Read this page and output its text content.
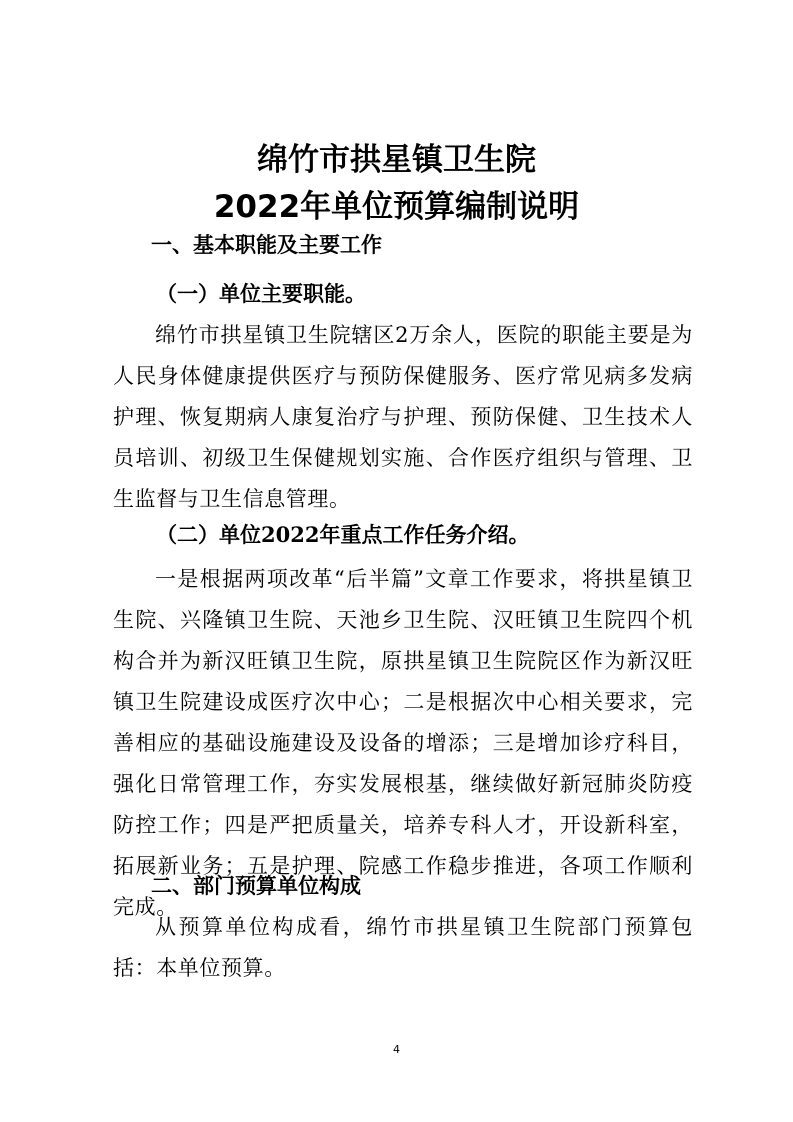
绵竹市拱星镇卫生院
2022年单位预算编制说明
一、基本职能及主要工作
（一）单位主要职能。

绵竹市拱星镇卫生院辖区2万余人，医院的职能主要是为人民身体健康提供医疗与预防保健服务、医疗常见病多发病护理、恢复期病人康复治疗与护理、预防保健、卫生技术人员培训、初级卫生保健规划实施、合作医疗组织与管理、卫生监督与卫生信息管理。

（二）单位2022年重点工作任务介绍。

一是根据两项改革“后半篇”文章工作要求，将拱星镇卫生院、兴隆镇卫生院、天池乡卫生院、汉旺镇卫生院四个机构合并为新汉旺镇卫生院，原拱星镇卫生院院区作为新汉旺镇卫生院建设成医疗次中心；二是根据次中心相关要求，完善相应的基础设施建设及设备的增添；三是增加诊疗科目，强化日常管理工作，夯实发展根基，继续做好新冠肺炎防疫防控工作；四是严把质量关，培养专科人才，开设新科室，拓展新业务；五是护理、院感工作稳步推进，各项工作顺利完成。

二、部门预算单位构成

从预算单位构成看，绵竹市拱星镇卫生院部门预算包括：本单位预算。

4
